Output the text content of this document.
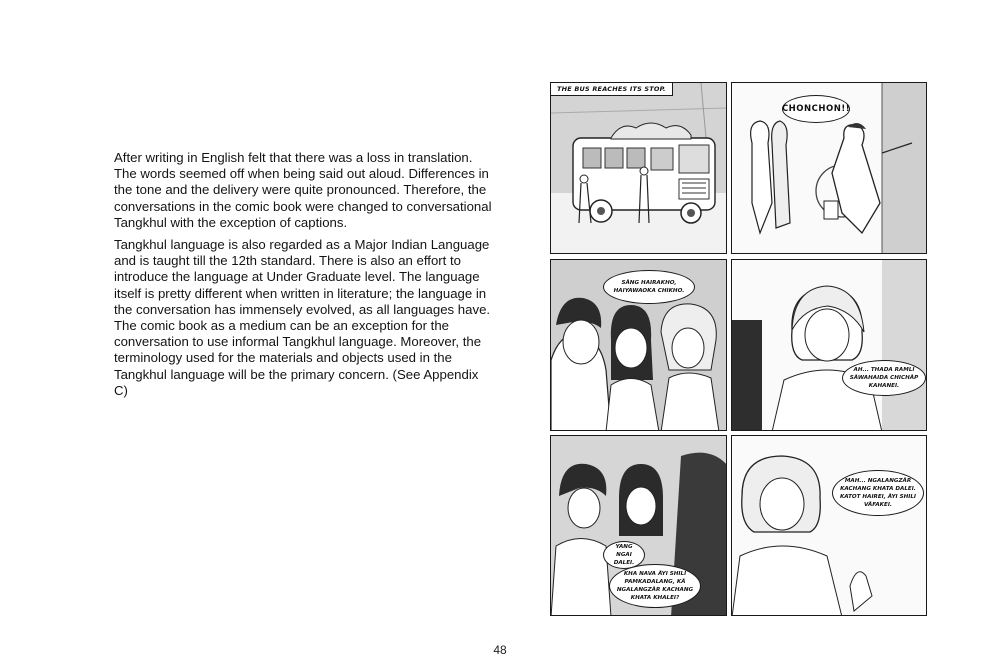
After writing in English felt that there was a loss in translation. The words seemed off when being said out aloud. Differences in the tone and the delivery were quite pronounced. Therefore, the conversations in the comic book were changed to conversational Tangkhul with the exception of captions.

Tangkhul language is also regarded as a Major Indian Language and is taught till the 12th standard. There is also an effort to introduce the language at Under Graduate level. The language itself is pretty different when written in literature; the language in the conversation has immensely evolved, as all languages have. The comic book as a medium can be an exception for the conversation to use informal Tangkhul language. Moreover, the terminology used for the materials and objects used in the Tangkhul language will be the primary concern. (See Appendix C)

THE BUS REACHES ITS STOP.
CHONCHON!!
SÂNG HAIRAKHO, HAIYAWAOKA CHIKHO.
AH... THADA RAMLI SÂWAHAIDA CHICHÂP KAHANEI.
YANG NGAI DALEI.
KHA NAVA ÂYI SHILI PAMKADALANG, KÂ NGALANGZÂR KACHANG KHATA KHALEI?
MAH... NGALANGZÂR KACHANG KHATA DALEI. KATOT HAIREI, ÂYI SHILI VÂFAKEI.
48
